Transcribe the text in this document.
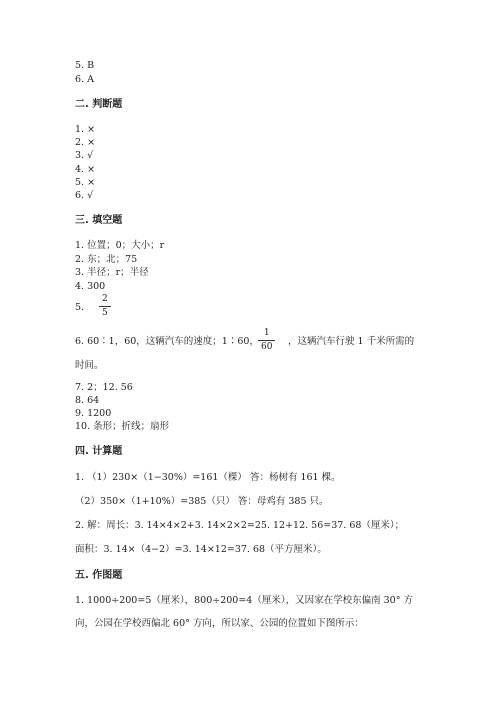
5. B
6. A
二. 判断题
1. ×
2. ×
3. √
4. ×
5. ×
6. √
三. 填空题
1. 位置；0；大小；r
2. 东；北；75
3. 半径；r；半径
4. 300
5.
2
5
6. 60∶1，60，这辆汽车的速度；1∶60，
1
60	，这辆汽车行驶 1 千米所需的
时间。
7. 2；12. 56
8. 64
9. 1200
10. 条形；折线；扇形
四. 计算题
1. （1）230×（1−30%）=161（棵） 答：杨树有 161 棵。
（2）350×（1+10%）=385（只） 答：母鸡有 385 只。
2. 解：周长：3. 14×4×2+3. 14×2×2=25. 12+12. 56=37. 68（厘米）；
面积：3. 14×（4−2）=3. 14×12=37. 68（平方厘米）。
五. 作图题
1. 1000÷200=5（厘米），800÷200=4（厘米），又因家在学校东偏南 30° 方
向，公园在学校西偏北 60° 方向，所以家、公园的位置如下图所示：
